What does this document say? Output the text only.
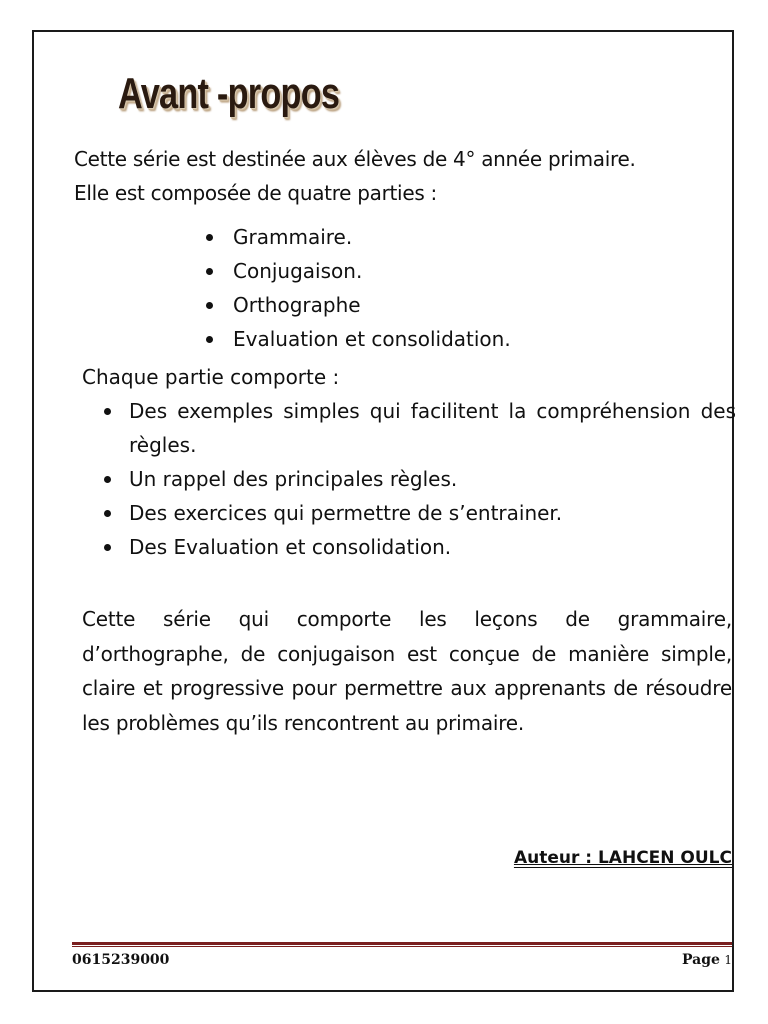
Avant -propos
Cette série est destinée aux élèves de 4° année primaire.
Elle est composée de quatre parties :
Grammaire.
Conjugaison.
Orthographe
Evaluation et consolidation.
Chaque partie comporte :
Des exemples simples qui facilitent la compréhension des règles.
Un rappel des principales règles.
Des exercices qui permettre de s’entrainer.
Des Evaluation et consolidation.
Cette série qui comporte les leçons de grammaire, d’orthographe, de conjugaison est conçue de manière simple, claire et progressive pour permettre aux apprenants de résoudre les problèmes qu’ils rencontrent au primaire.
Auteur : LAHCEN OULC
0615239000	Page 1
